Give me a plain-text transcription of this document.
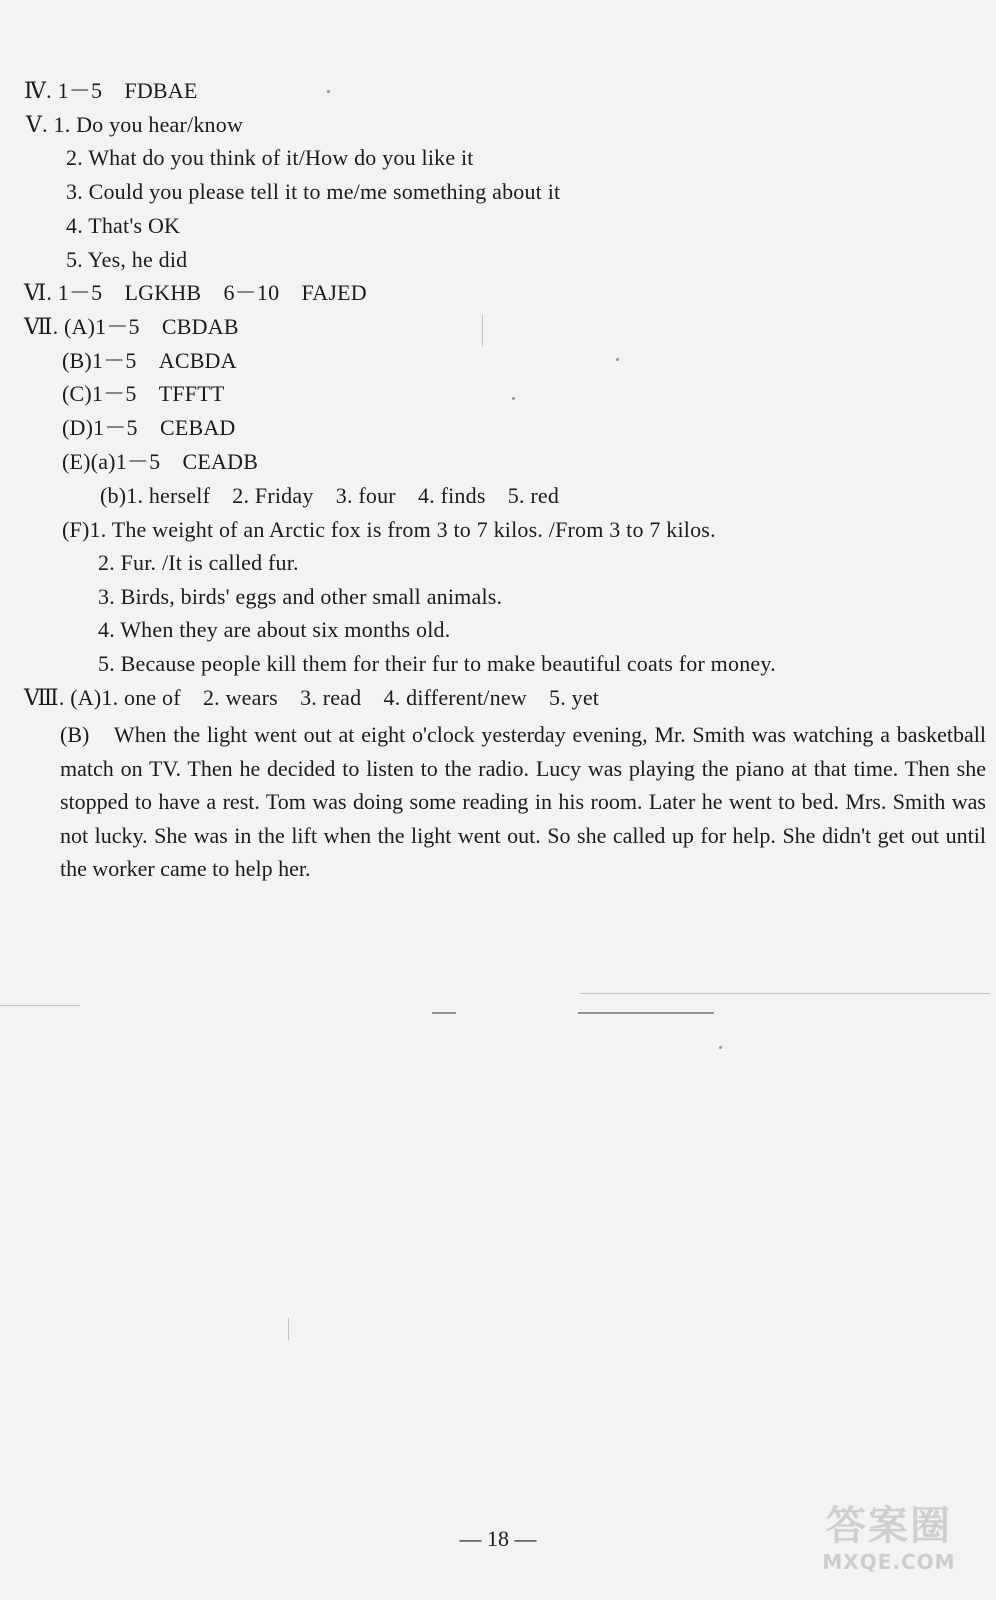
Ⅳ. 1－5　FDBAE
Ⅴ. 1. Do you hear/know
2. What do you think of it/How do you like it
3. Could you please tell it to me/me something about it
4. That's OK
5. Yes, he did
Ⅵ. 1－5　LGKHB　6－10　FAJED
Ⅶ. (A)1－5　CBDAB
(B)1－5　ACBDA
(C)1－5　TFFTT
(D)1－5　CEBAD
(E)(a)1－5　CEADB
(b)1. herself　2. Friday　3. four　4. finds　5. red
(F)1. The weight of an Arctic fox is from 3 to 7 kilos. /From 3 to 7 kilos.
2. Fur. /It is called fur.
3. Birds, birds' eggs and other small animals.
4. When they are about six months old.
5. Because people kill them for their fur to make beautiful coats for money.
Ⅷ. (A)1. one of　2. wears　3. read　4. different/new　5. yet
(B)　When the light went out at eight o'clock yesterday evening, Mr. Smith was watching a basketball match on TV. Then he decided to listen to the radio. Lucy was playing the piano at that time. Then she stopped to have a rest. Tom was doing some reading in his room. Later he went to bed. Mrs. Smith was not lucky. She was in the lift when the light went out. So she called up for help. She didn't get out until the worker came to help her.
— 18 —	答案圈
MXQE.COM
